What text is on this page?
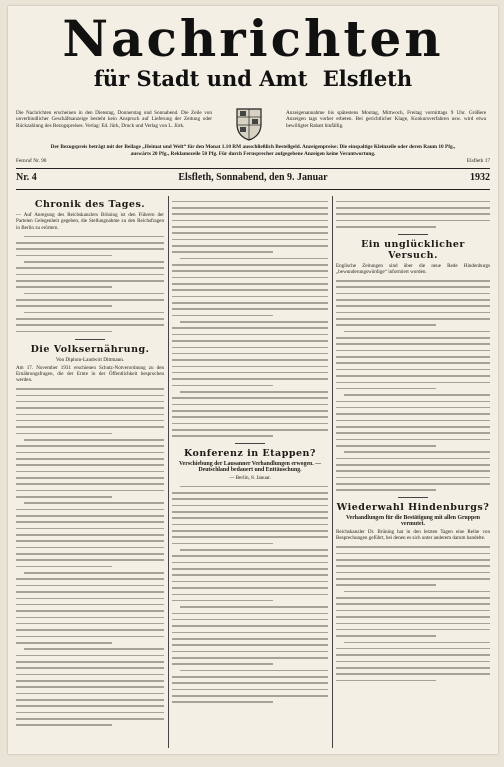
Nachrichten
für Stadt und Amt Elsfleth
Die Nachrichten erscheinen in den Dienstag, Donnerstag und Sonnabend. Die Zeile von unverbindlicher Geschäftsanzeige besteht kein Anspruch auf Lieferung der Zeitung oder Rückzahlung des Bezugspreises. Verlag: Ed. Jürk, Druck und Verlag von L. Jürk.
Anzeigenannahme bis spätestens Montag, Mittwoch, Freitag vormittags 9 Uhr. Größere Anzeigen tags vorher erbeten. Bei gerichtlicher Klage, Konkursverfahren usw. wird etwa bewilligter Rabatt hinfällig.
Der Bezugspreis beträgt mit der Beilage „Heimat und Welt“ für den Monat 1.10 RM ausschließlich Bestellgeld. Anzeigenpreise: Die einspaltige Kleinzeile oder deren Raum 10 Pfg., auswärts 20 Pfg., Reklamezeile 50 Pfg. Für durch Fernsprecher aufgegebene Anzeigen keine Verantwortung.
Fernruf Nr. 90	Elsfleth 17
Nr. 4	Elsfleth, Sonnabend, den 9. Januar	1932
Chronik des Tages.
— Auf Anregung des Reichskanzlers Brüning ist den Führern der Parteien Gelegenheit gegeben, die Stellungnahme zu den Reichsfragen in Berlin zu erörtern.
Die Volksernährung.
Von Diplom-Landwirt Dittmann.
Am 17. November 1931 erschienen Schutz-Notverordnung zu den Ernährungsfragen, die der Ernte in der Öffentlichkeit besprochen werden.
Konferenz in Etappen?
Verschiebung der Lausanner Verhandlungen erwogen. — Deutschland bedauert und Enttäuschung.
— Berlin, 8. Januar.
Ein unglücklicher Versuch.
Englische Zeitungen sind über die neue Rede Hindenburgs „bewunderungswürdige“ informiert worden.
Wiederwahl Hindenburgs?
Verhandlungen für die Bestätigung mit allen Gruppen vermutet.
Reichskanzler Dr. Brüning hat in den letzten Tagen eine Reihe von Besprechungen geführt, bei denen es sich unter anderem darum handelte.
